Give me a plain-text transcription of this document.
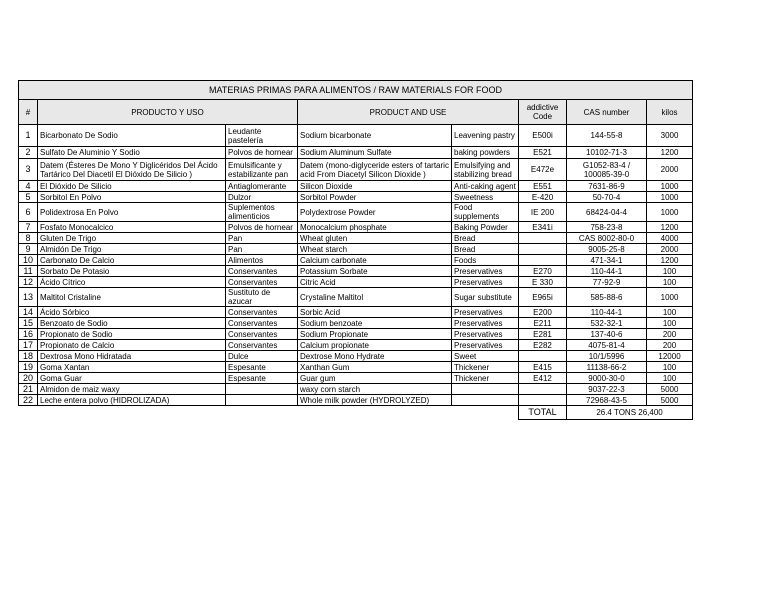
MATERIAS PRIMAS PARA ALIMENTOS / RAW MATERIALS FOR FOOD							
#	PRODUCTO Y USO		PRODUCT AND USE		addictive Code	CAS number	kilos
1	Bicarbonato De Sodio	Leudante pastelería	Sodium bicarbonate	Leavening pastry	E500i	144-55-8	3000
2	Sulfato De Aluminio Y Sodio	Polvos de hornear	Sodium Aluminum Sulfate	baking powders	E521	10102-71-3	1200
3	Datem (Ésteres De Mono Y Diglicéridos Del Ácido Tartárico Del Diacetil El Dióxido De Silicio )	Emulsificante y estabilizante pan	Datem (mono-diglyceride esters of tartaric acid From Diacetyl Silicon Dioxide )	Emulsifying and stabilizing bread	E472e	G1052-83-4 / 100085-39-0	2000
4	El Dióxido De Silicio	Antiaglomerante	Silicon Dioxide	Anti-caking agent	E551	7631-86-9	1000
5	Sorbitol En Polvo	Dulzor	Sorbitol Powder	Sweetness	E-420	50-70-4	1000
6	Polidextrosa En Polvo	Suplementos alimenticios	Polydextrose Powder	Food supplements	IE 200	68424-04-4	1000
7	Fosfato Monocalcico	Polvos de hornear	Monocalcium phosphate	Baking Powder	E341i	758-23-8	1200
8	Gluten De Trigo	Pan	Wheat gluten	Bread		CAS 8002-80-0	4000
9	Almidón De Trigo	Pan	Wheat starch	Bread		9005-25-8	2000
10	Carbonato De Calcio	Alimentos	Calcium carbonate	Foods		471-34-1	1200
11	Sorbato De Potasio	Conservantes	Potassium Sorbate	Preservatives	E270	110-44-1	100
12	Ácido Cítrico	Conservantes	Citric Acid	Preservatives	E 330	77-92-9	100
13	Maltitol Cristaline	Sustituto de azucar	Crystaline Maltitol	Sugar substitute	E965i	585-88-6	1000
14	Ácido Sórbico	Conservantes	Sorbic Acid	Preservatives	E200	110-44-1	100
15	Benzoato de Sodio	Conservantes	Sodium benzoate	Preservatives	E211	532-32-1	100
16	Propionato de Sodio	Conservantes	Sodium Propionate	Preservatives	E281	137-40-6	200
17	Propionato de Calcio	Conservantes	Calcium propionate	Preservatives	E282	4075-81-4	200
18	Dextrosa Mono Hidratada	Dulce	Dextrose Mono Hydrate	Sweet		10/1/5996	12000
19	Goma Xantan	Espesante	Xanthan Gum	Thickener	E415	11138-66-2	100
20	Goma Guar	Espesante	Guar gum	Thickener	E412	9000-30-0	100
21	Almidon de maiz waxy		waxy corn starch			9037-22-3	5000
22	Leche entera polvo (HIDROLIZADA)		Whole milk powder (HYDROLYZED)			72968-43-5	5000
					TOTAL	26.4 TONS 26,400	
